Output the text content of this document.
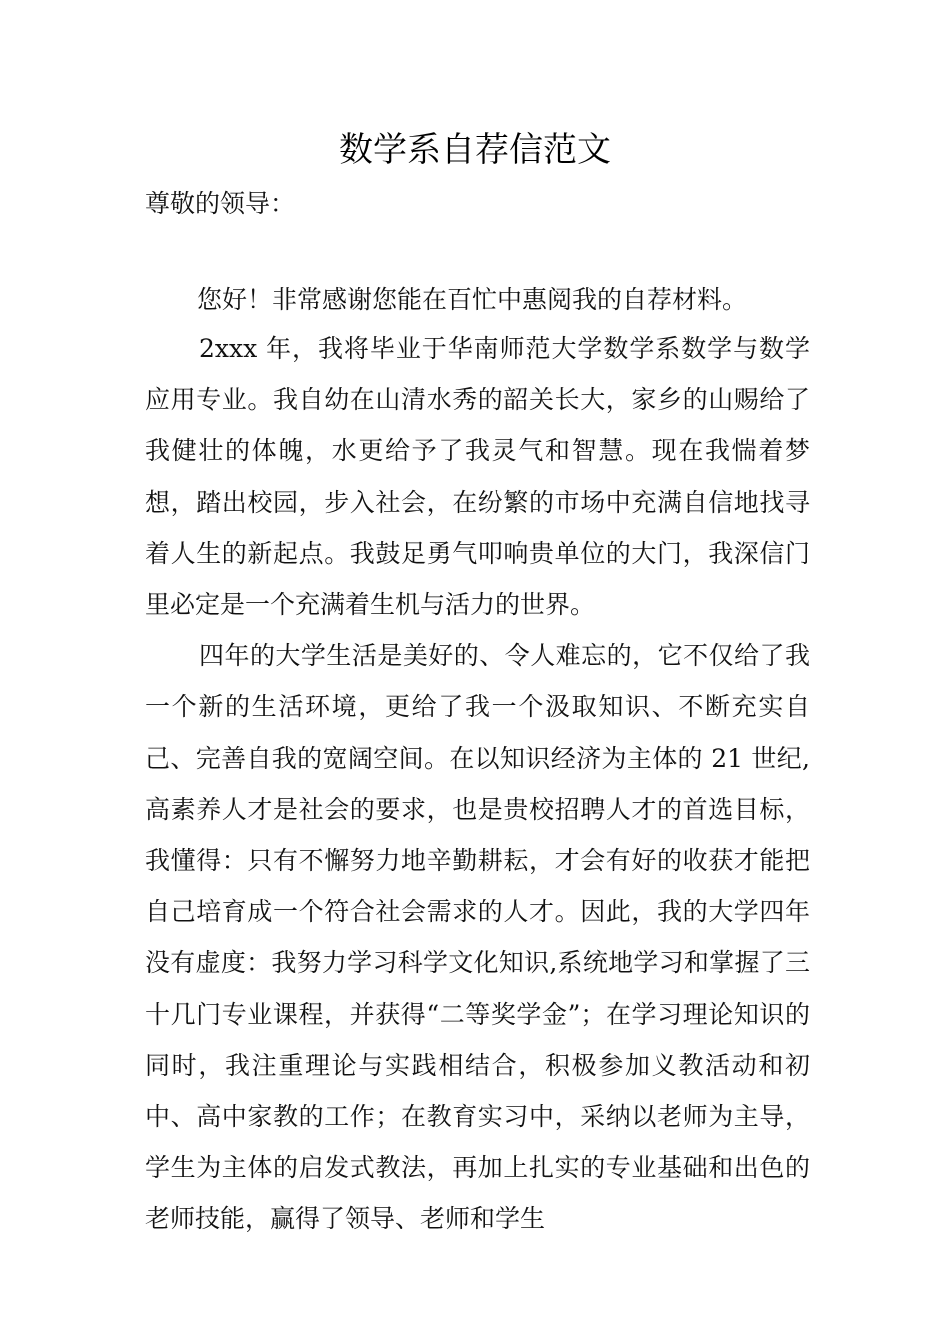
数学系自荐信范文
尊敬的领导：
您好！非常感谢您能在百忙中惠阅我的自荐材料。

2xxx 年，我将毕业于华南师范大学数学系数学与数学应用专业。我自幼在山清水秀的韶关长大，家乡的山赐给了我健壮的体魄，水更给予了我灵气和智慧。现在我惴着梦想，踏出校园，步入社会，在纷繁的市场中充满自信地找寻着人生的新起点。我鼓足勇气叩响贵单位的大门，我深信门里必定是一个充满着生机与活力的世界。

四年的大学生活是美好的、令人难忘的，它不仅给了我一个新的生活环境，更给了我一个汲取知识、不断充实自己、完善自我的宽阔空间。在以知识经济为主体的 21 世纪,高素养人才是社会的要求，也是贵校招聘人才的首选目标，我懂得：只有不懈努力地辛勤耕耘，才会有好的收获才能把自己培育成一个符合社会需求的人才。因此，我的大学四年没有虚度：我努力学习科学文化知识,系统地学习和掌握了三十几门专业课程，并获得“二等奖学金”；在学习理论知识的同时，我注重理论与实践相结合，积极参加义教活动和初中、高中家教的工作；在教育实习中，采纳以老师为主导，学生为主体的启发式教法，再加上扎实的专业基础和出色的老师技能，赢得了领导、老师和学生
